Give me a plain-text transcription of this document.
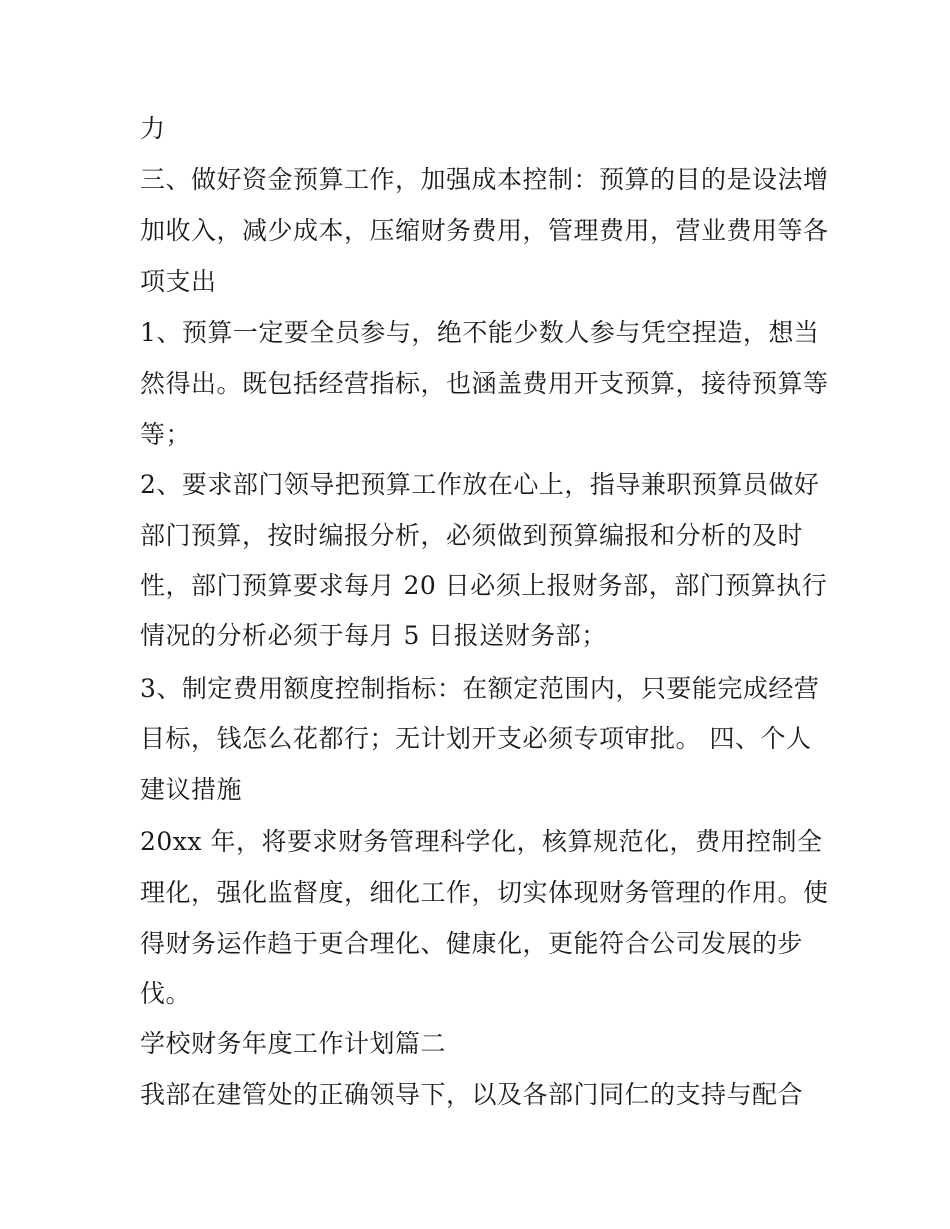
力
三、做好资金预算工作，加强成本控制：预算的目的是设法增
加收入，减少成本，压缩财务费用，管理费用，营业费用等各
项支出
1、预算一定要全员参与，绝不能少数人参与凭空捏造，想当
然得出。既包括经营指标，也涵盖费用开支预算，接待预算等
等；
2、要求部门领导把预算工作放在心上，指导兼职预算员做好
部门预算，按时编报分析，必须做到预算编报和分析的及时
性，部门预算要求每月 20 日必须上报财务部，部门预算执行
情况的分析必须于每月 5 日报送财务部；
3、制定费用额度控制指标：在额定范围内，只要能完成经营
目标，钱怎么花都行；无计划开支必须专项审批。 四、个人
建议措施
20xx 年，将要求财务管理科学化，核算规范化，费用控制全
理化，强化监督度，细化工作，切实体现财务管理的作用。使
得财务运作趋于更合理化、健康化，更能符合公司发展的步
伐。
学校财务年度工作计划篇二
我部在建管处的正确领导下，以及各部门同仁的支持与配合
